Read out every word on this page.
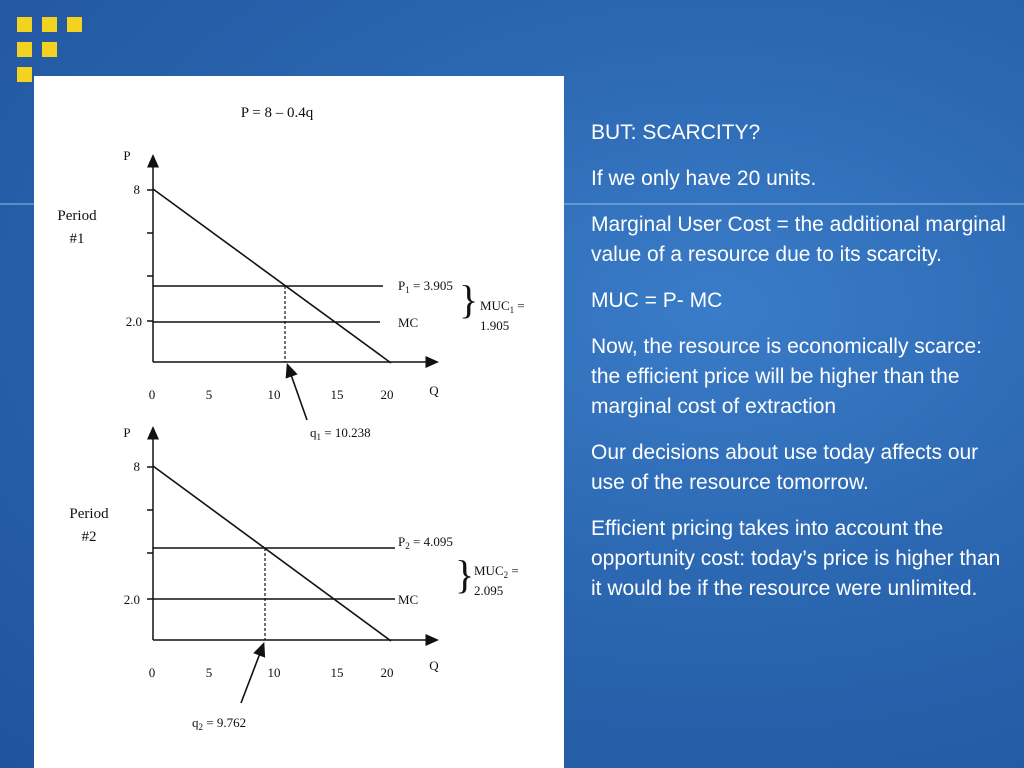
P = 8 – 0.4q
P
Q
8
2.0
0	5	10	15	20
$P_1 = 3.905$
MC
} $MUC_1$ =
1.905
Period
#1
$q_1 = 10.238$
P
Q
8
2.0
0	5	10	15	20
$P_2 = 4.095$
MC
} $MUC_2$ =
2.095
Period
#2
$q_2 = 9.762$

BUT: SCARCITY?

If we only have 20 units.

Marginal User Cost = the additional marginal value of a resource due to its scarcity.

MUC = P- MC

Now, the resource is economically scarce: the efficient price will be higher than the marginal cost of extraction

Our decisions about use today affects our use of the resource tomorrow.

Efficient pricing takes into account the opportunity cost: today’s price is higher than it would be if the resource were unlimited.
